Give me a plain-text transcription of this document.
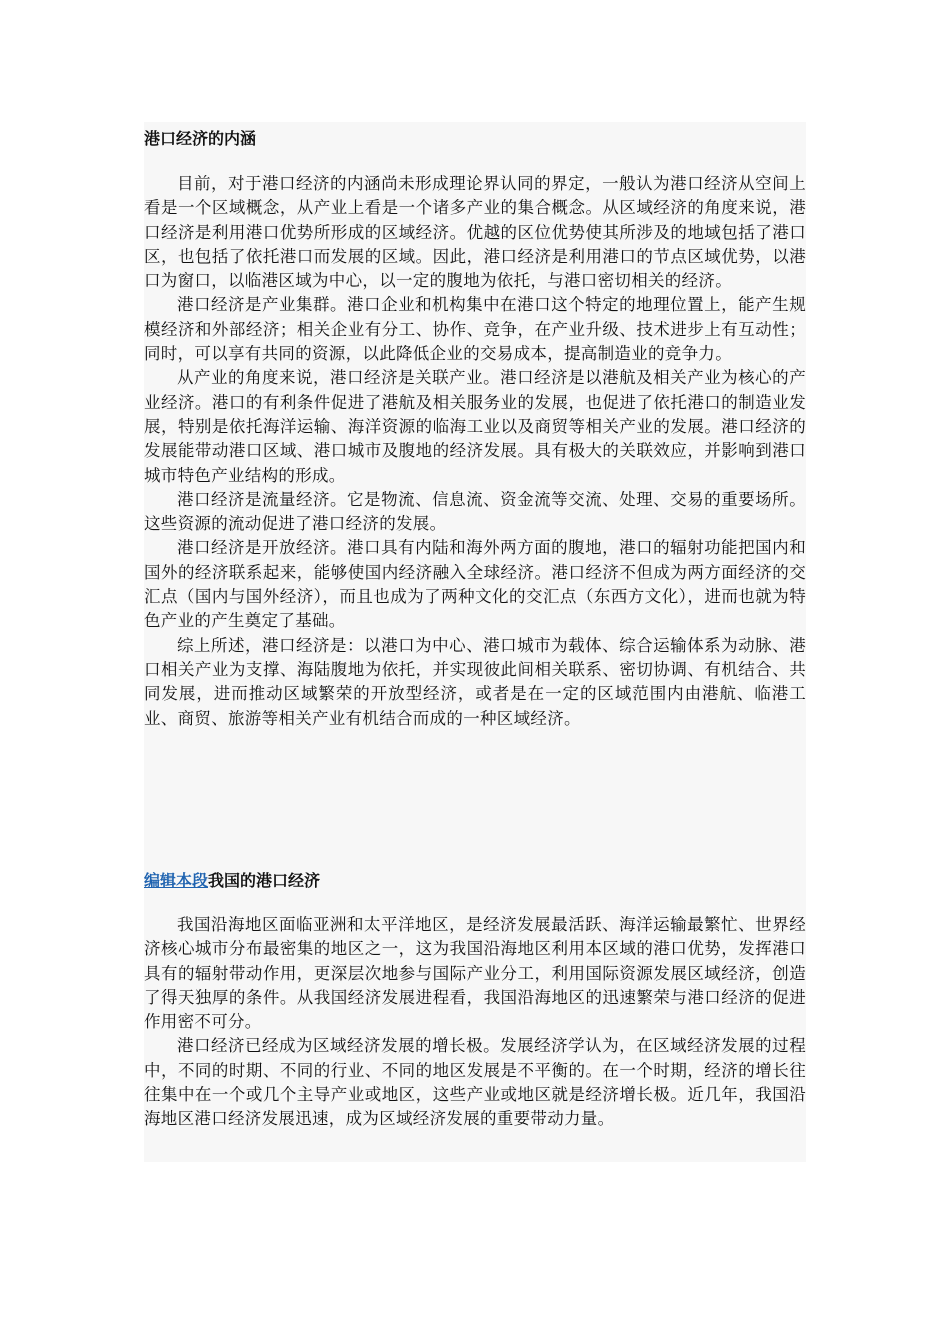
港口经济的内涵

目前，对于港口经济的内涵尚未形成理论界认同的界定，一般认为港口经济从空间上看是一个区域概念，从产业上看是一个诸多产业的集合概念。从区域经济的角度来说，港口经济是利用港口优势所形成的区域经济。优越的区位优势使其所涉及的地域包括了港口区，也包括了依托港口而发展的区域。因此，港口经济是利用港口的节点区域优势，以港口为窗口，以临港区域为中心，以一定的腹地为依托，与港口密切相关的经济。

港口经济是产业集群。港口企业和机构集中在港口这个特定的地理位置上，能产生规模经济和外部经济；相关企业有分工、协作、竞争，在产业升级、技术进步上有互动性；同时，可以享有共同的资源，以此降低企业的交易成本，提高制造业的竞争力。

从产业的角度来说，港口经济是关联产业。港口经济是以港航及相关产业为核心的产业经济。港口的有利条件促进了港航及相关服务业的发展，也促进了依托港口的制造业发展，特别是依托海洋运输、海洋资源的临海工业以及商贸等相关产业的发展。港口经济的发展能带动港口区域、港口城市及腹地的经济发展。具有极大的关联效应，并影响到港口城市特色产业结构的形成。

港口经济是流量经济。它是物流、信息流、资金流等交流、处理、交易的重要场所。这些资源的流动促进了港口经济的发展。

港口经济是开放经济。港口具有内陆和海外两方面的腹地，港口的辐射功能把国内和国外的经济联系起来，能够使国内经济融入全球经济。港口经济不但成为两方面经济的交汇点（国内与国外经济），而且也成为了两种文化的交汇点（东西方文化），进而也就为特色产业的产生奠定了基础。

综上所述，港口经济是：以港口为中心、港口城市为载体、综合运输体系为动脉、港口相关产业为支撑、海陆腹地为依托，并实现彼此间相关联系、密切协调、有机结合、共同发展，进而推动区域繁荣的开放型经济，或者是在一定的区域范围内由港航、临港工业、商贸、旅游等相关产业有机结合而成的一种区域经济。

编辑本段我国的港口经济

我国沿海地区面临亚洲和太平洋地区，是经济发展最活跃、海洋运输最繁忙、世界经济核心城市分布最密集的地区之一，这为我国沿海地区利用本区域的港口优势，发挥港口具有的辐射带动作用，更深层次地参与国际产业分工，利用国际资源发展区域经济，创造了得天独厚的条件。从我国经济发展进程看，我国沿海地区的迅速繁荣与港口经济的促进作用密不可分。

港口经济已经成为区域经济发展的增长极。发展经济学认为，在区域经济发展的过程中，不同的时期、不同的行业、不同的地区发展是不平衡的。在一个时期，经济的增长往往集中在一个或几个主导产业或地区，这些产业或地区就是经济增长极。近几年，我国沿海地区港口经济发展迅速，成为区域经济发展的重要带动力量。
